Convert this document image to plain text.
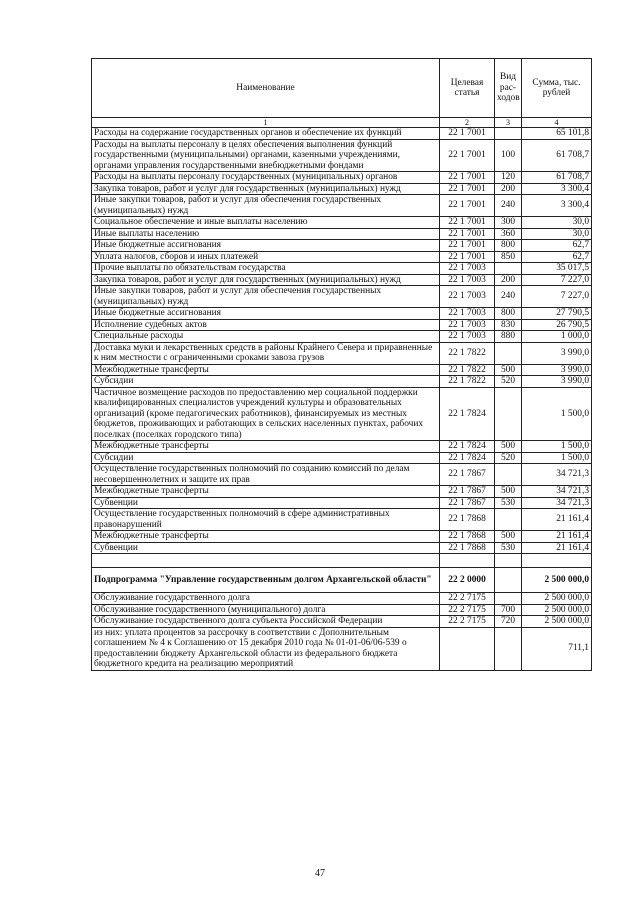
Наименование	Целевая статья	Вид рас-ходов	Сумма, тыс. рублей
1	2	3	4
Расходы на содержание государственных органов и обеспечение их функций	22 1 7001		65 101,8
Расходы на выплаты персоналу в целях обеспечения выполнения функций государственными (муниципальными) органами, казенными учреждениями, органами управления государственными внебюджетными фондами	22 1 7001	100	61 708,7
Расходы на выплаты персоналу государственных (муниципальных) органов	22 1 7001	120	61 708,7
Закупка товаров, работ и услуг для государственных (муниципальных) нужд	22 1 7001	200	3 300,4
Иные закупки товаров, работ и услуг для обеспечения государственных (муниципальных) нужд	22 1 7001	240	3 300,4
Социальное обеспечение и иные выплаты населению	22 1 7001	300	30,0
Иные выплаты населению	22 1 7001	360	30,0
Иные бюджетные ассигнования	22 1 7001	800	62,7
Уплата налогов, сборов и иных платежей	22 1 7001	850	62,7
Прочие выплаты по обязательствам государства	22 1 7003		35 017,5
Закупка товаров, работ и услуг для государственных (муниципальных) нужд	22 1 7003	200	7 227,0
Иные закупки товаров, работ и услуг для обеспечения государственных (муниципальных) нужд	22 1 7003	240	7 227,0
Иные бюджетные ассигнования	22 1 7003	800	27 790,5
Исполнение судебных актов	22 1 7003	830	26 790,5
Специальные расходы	22 1 7003	880	1 000,0
Доставка муки и лекарственных средств в районы Крайнего Севера и приравненные к ним местности с ограниченными сроками завоза грузов	22 1 7822		3 990,0
Межбюджетные трансферты	22 1 7822	500	3 990,0
Субсидии	22 1 7822	520	3 990,0
Частичное возмещение расходов по предоставлению мер социальной поддержки квалифицированных специалистов учреждений культуры и образовательных организаций (кроме педагогических работников), финансируемых из местных бюджетов, проживающих и работающих в сельских населенных пунктах, рабочих поселках (поселках городского типа)	22 1 7824		1 500,0
Межбюджетные трансферты	22 1 7824	500	1 500,0
Субсидии	22 1 7824	520	1 500,0
Осуществление государственных полномочий по созданию комиссий по делам несовершеннолетних и защите их прав	22 1 7867		34 721,3
Межбюджетные трансферты	22 1 7867	500	34 721,3
Субвенции	22 1 7867	530	34 721,3
Осуществление государственных полномочий в сфере административных правонарушений	22 1 7868		21 161,4
Межбюджетные трансферты	22 1 7868	500	21 161,4
Субвенции	22 1 7868	530	21 161,4

Подпрограмма "Управление государственным долгом Архангельской области"	22 2 0000		2 500 000,0
Обслуживание государственного долга	22 2 7175		2 500 000,0
Обслуживание государственного (муниципального) долга	22 2 7175	700	2 500 000,0
Обслуживание государственного долга субъекта Российской Федерации	22 2 7175	720	2 500 000,0
из них: уплата процентов за рассрочку в соответствии с Дополнительным соглашением № 4 к Соглашению от 15 декабря 2010 года № 01-01-06/06-539 о предоставлении бюджету Архангельской области из федерального бюджета бюджетного кредита на реализацию мероприятий			711,1
47
